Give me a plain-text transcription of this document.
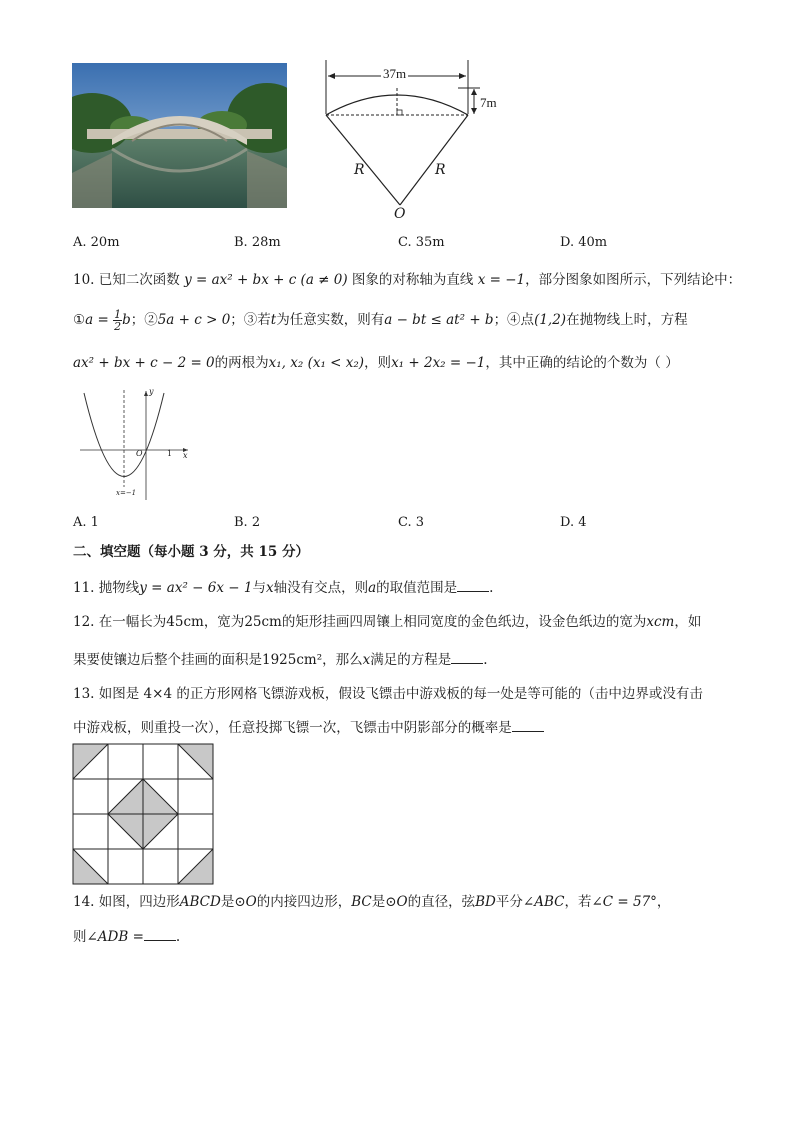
37m
7m
R	R
O
A. 20m	B. 28m	C. 35m	D. 40m
10. 已知二次函数 y = ax² + bx + c (a ≠ 0) 图象的对称轴为直线 x = −1，部分图象如图所示，下列结论中：
①a = $\frac{1}{2}$ b；②5a + c > 0；③若t为任意实数，则有a − bt ≤ at² + b；④点(1,2)在抛物线上时，方程
ax² + bx + c − 2 = 0的两根为x₁, x₂ (x₁ < x₂)，则x₁ + 2x₂ = −1，其中正确的结论的个数为（ ）
y
x
O	1
x=−1
A. 1	B. 2	C. 3	D. 4
二、填空题（每小题 3 分，共 15 分）
11. 抛物线y = ax² − 6x − 1与x轴没有交点，则a的取值范围是 .
12. 在一幅长为45cm，宽为25cm的矩形挂画四周镶上相同宽度的金色纸边，设金色纸边的宽为xcm，如
果要使镶边后整个挂画的面积是1925cm²，那么x满足的方程是 .
13. 如图是 4×4 的正方形网格飞镖游戏板，假设飞镖击中游戏板的每一处是等可能的（击中边界或没有击
中游戏板，则重投一次），任意投掷飞镖一次，飞镖击中阴影部分的概率是
14. 如图，四边形ABCD是⊙O的内接四边形，BC是⊙O的直径，弦BD平分∠ABC，若∠C = 57°，
则∠ADB = .
